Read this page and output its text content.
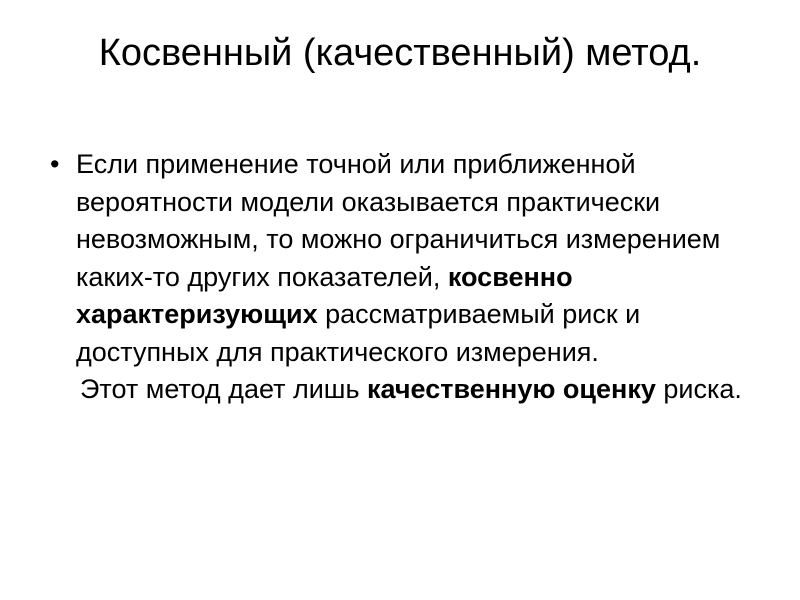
Косвенный (качественный) метод.

• Если применение точной или приближенной вероятности модели оказывается практически невозможным, то можно ограничиться измерением каких-то других показателей, косвенно характеризующих рассматриваемый риск и доступных для практического измерения.

Этот метод дает лишь качественную оценку риска.
